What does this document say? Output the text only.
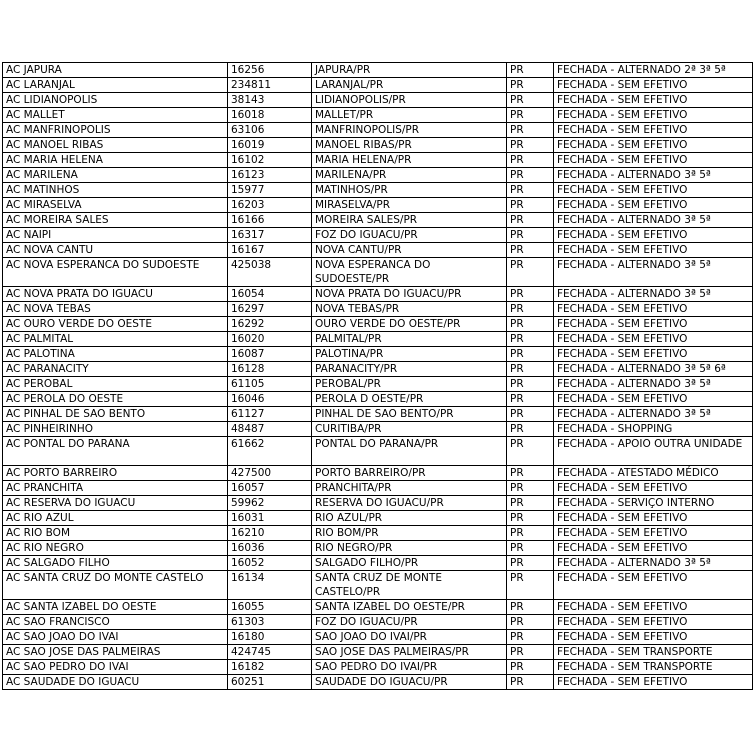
AC JAPURA	16256	JAPURA/PR	PR	FECHADA - ALTERNADO 2ª 3ª 5ª
AC LARANJAL	234811	LARANJAL/PR	PR	FECHADA - SEM EFETIVO
AC LIDIANOPOLIS	38143	LIDIANOPOLIS/PR	PR	FECHADA - SEM EFETIVO
AC MALLET	16018	MALLET/PR	PR	FECHADA - SEM EFETIVO
AC MANFRINOPOLIS	63106	MANFRINOPOLIS/PR	PR	FECHADA - SEM EFETIVO
AC MANOEL RIBAS	16019	MANOEL RIBAS/PR	PR	FECHADA - SEM EFETIVO
AC MARIA HELENA	16102	MARIA HELENA/PR	PR	FECHADA - SEM EFETIVO
AC MARILENA	16123	MARILENA/PR	PR	FECHADA - ALTERNADO 3ª 5ª
AC MATINHOS	15977	MATINHOS/PR	PR	FECHADA - SEM EFETIVO
AC MIRASELVA	16203	MIRASELVA/PR	PR	FECHADA - SEM EFETIVO
AC MOREIRA SALES	16166	MOREIRA SALES/PR	PR	FECHADA - ALTERNADO 3ª 5ª
AC NAIPI	16317	FOZ DO IGUACU/PR	PR	FECHADA - SEM EFETIVO
AC NOVA CANTU	16167	NOVA CANTU/PR	PR	FECHADA - SEM EFETIVO
AC NOVA ESPERANCA DO SUDOESTE	425038	NOVA ESPERANCA DO SUDOESTE/PR	PR	FECHADA - ALTERNADO 3ª 5ª
AC NOVA PRATA DO IGUACU	16054	NOVA PRATA DO IGUACU/PR	PR	FECHADA - ALTERNADO 3ª 5ª
AC NOVA TEBAS	16297	NOVA TEBAS/PR	PR	FECHADA - SEM EFETIVO
AC OURO VERDE DO OESTE	16292	OURO VERDE DO OESTE/PR	PR	FECHADA - SEM EFETIVO
AC PALMITAL	16020	PALMITAL/PR	PR	FECHADA - SEM EFETIVO
AC PALOTINA	16087	PALOTINA/PR	PR	FECHADA - SEM EFETIVO
AC PARANACITY	16128	PARANACITY/PR	PR	FECHADA - ALTERNADO 3ª 5ª 6ª
AC PEROBAL	61105	PEROBAL/PR	PR	FECHADA - ALTERNADO 3ª 5ª
AC PEROLA DO OESTE	16046	PEROLA D OESTE/PR	PR	FECHADA - SEM EFETIVO
AC PINHAL DE SAO BENTO	61127	PINHAL DE SAO BENTO/PR	PR	FECHADA - ALTERNADO 3ª 5ª
AC PINHEIRINHO	48487	CURITIBA/PR	PR	FECHADA - SHOPPING
AC PONTAL DO PARANA	61662	PONTAL DO PARANA/PR	PR	FECHADA - APOIO OUTRA UNIDADE
AC PORTO BARREIRO	427500	PORTO BARREIRO/PR	PR	FECHADA - ATESTADO MÉDICO
AC PRANCHITA	16057	PRANCHITA/PR	PR	FECHADA - SEM EFETIVO
AC RESERVA DO IGUACU	59962	RESERVA DO IGUACU/PR	PR	FECHADA - SERVIÇO INTERNO
AC RIO AZUL	16031	RIO AZUL/PR	PR	FECHADA - SEM EFETIVO
AC RIO BOM	16210	RIO BOM/PR	PR	FECHADA - SEM EFETIVO
AC RIO NEGRO	16036	RIO NEGRO/PR	PR	FECHADA - SEM EFETIVO
AC SALGADO FILHO	16052	SALGADO FILHO/PR	PR	FECHADA - ALTERNADO 3ª 5ª
AC SANTA CRUZ DO MONTE CASTELO	16134	SANTA CRUZ DE MONTE CASTELO/PR	PR	FECHADA - SEM EFETIVO
AC SANTA IZABEL DO OESTE	16055	SANTA IZABEL DO OESTE/PR	PR	FECHADA - SEM EFETIVO
AC SAO FRANCISCO	61303	FOZ DO IGUACU/PR	PR	FECHADA - SEM EFETIVO
AC SAO JOAO DO IVAI	16180	SAO JOAO DO IVAI/PR	PR	FECHADA - SEM EFETIVO
AC SAO JOSE DAS PALMEIRAS	424745	SAO JOSE DAS PALMEIRAS/PR	PR	FECHADA - SEM TRANSPORTE
AC SAO PEDRO DO IVAI	16182	SAO PEDRO DO IVAI/PR	PR	FECHADA - SEM TRANSPORTE
AC SAUDADE DO IGUACU	60251	SAUDADE DO IGUACU/PR	PR	FECHADA - SEM EFETIVO
